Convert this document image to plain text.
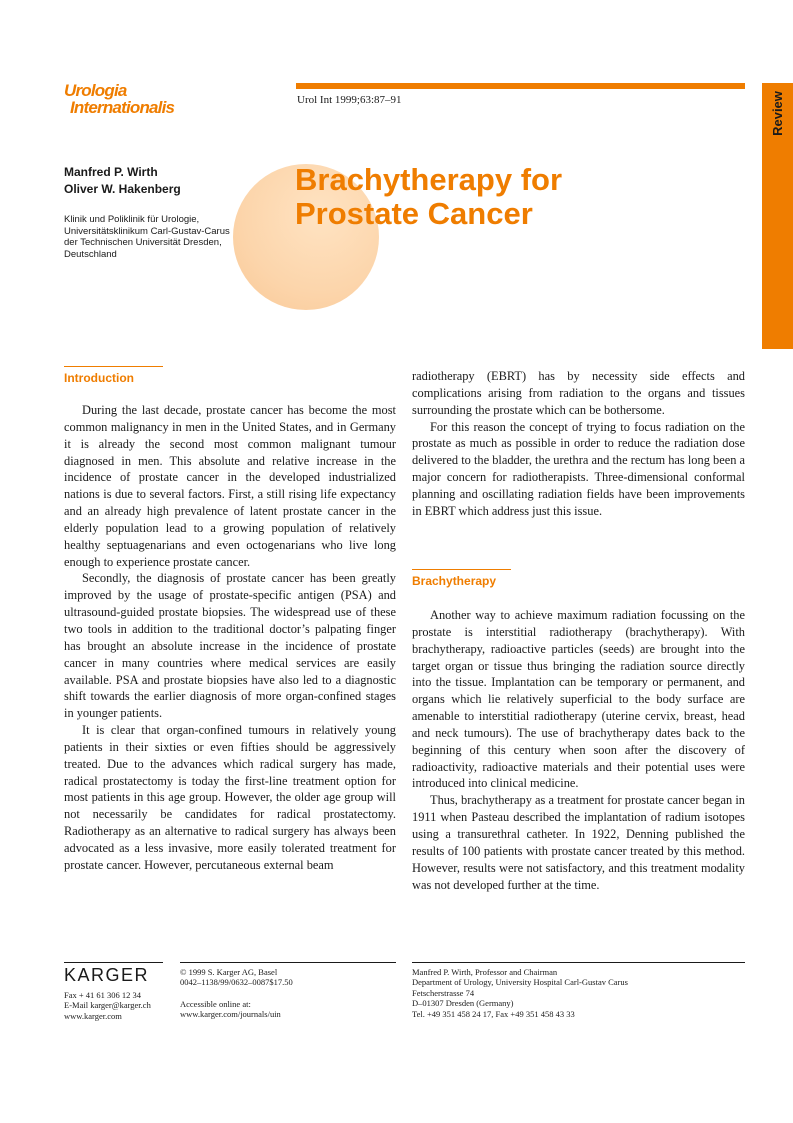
Urologia
Internationalis	Urol Int 1999;63:87–91	Review
Manfred P. Wirth
Oliver W. Hakenberg
Klinik und Poliklinik für Urologie,
Universitätsklinikum Carl-Gustav-Carus
der Technischen Universität Dresden,
Deutschland
Brachytherapy for
Prostate Cancer
Introduction

During the last decade, prostate cancer has become the most common malignancy in men in the United States, and in Germany it is already the second most common malignant tumour diagnosed in men. This absolute and relative increase in the incidence of prostate cancer in the developed industrialized nations is due to several factors. First, a still rising life expectancy and an already high prevalence of latent prostate cancer in the elderly population lead to a growing population of relatively healthy septuagenarians and even octogenarians who live long enough to experience prostate cancer.

Secondly, the diagnosis of prostate cancer has been greatly improved by the usage of prostate-specific antigen (PSA) and ultrasound-guided prostate biopsies. The widespread use of these two tools in addition to the traditional doctor’s palpating finger has brought an absolute increase in the incidence of prostate cancer in many countries where medical services are easily available. PSA and prostate biopsies have also led to a diagnostic shift towards the earlier diagnosis of more organ-confined stages in younger patients.

It is clear that organ-confined tumours in relatively young patients in their sixties or even fifties should be aggressively treated. Due to the advances which radical surgery has made, radical prostatectomy is today the first-line treatment option for most patients in this age group. However, the older age group will not necessarily be candidates for radical prostatectomy. Radiotherapy as an alternative to radical surgery has always been advocated as a less invasive, more easily tolerated treatment for prostate cancer. However, percutaneous external beam

radiotherapy (EBRT) has by necessity side effects and complications arising from radiation to the organs and tissues surrounding the prostate which can be bothersome.

For this reason the concept of trying to focus radiation on the prostate as much as possible in order to reduce the radiation dose delivered to the bladder, the urethra and the rectum has long been a major concern for radiotherapists. Three-dimensional conformal planning and oscillating radiation fields have been improvements in EBRT which address just this issue.

Brachytherapy

Another way to achieve maximum radiation focussing on the prostate is interstitial radiotherapy (brachytherapy). With brachytherapy, radioactive particles (seeds) are brought into the target organ or tissue thus bringing the radiation source directly into the tissue. Implantation can be temporary or permanent, and organs which lie relatively superficial to the body surface are amenable to interstitial radiotherapy (uterine cervix, breast, head and neck tumours). The use of brachytherapy dates back to the beginning of this century when soon after the discovery of radioactivity, radioactive materials and their potential uses were introduced into clinical medicine.

Thus, brachytherapy as a treatment for prostate cancer began in 1911 when Pasteau described the implantation of radium isotopes using a transurethral catheter. In 1922, Denning published the results of 100 patients with prostate cancer treated by this method. However, results were not satisfactory, and this treatment modality was not developed further at the time.

KARGER
Fax + 41 61 306 12 34
E-Mail karger@karger.ch
www.karger.com
© 1999 S. Karger AG, Basel
0042–1138/99/0632–0087$17.50
Accessible online at:
www.karger.com/journals/uin
Manfred P. Wirth, Professor and Chairman
Department of Urology, University Hospital Carl-Gustav Carus
Fetscherstrasse 74
D–01307 Dresden (Germany)
Tel. +49 351 458 24 17, Fax +49 351 458 43 33
